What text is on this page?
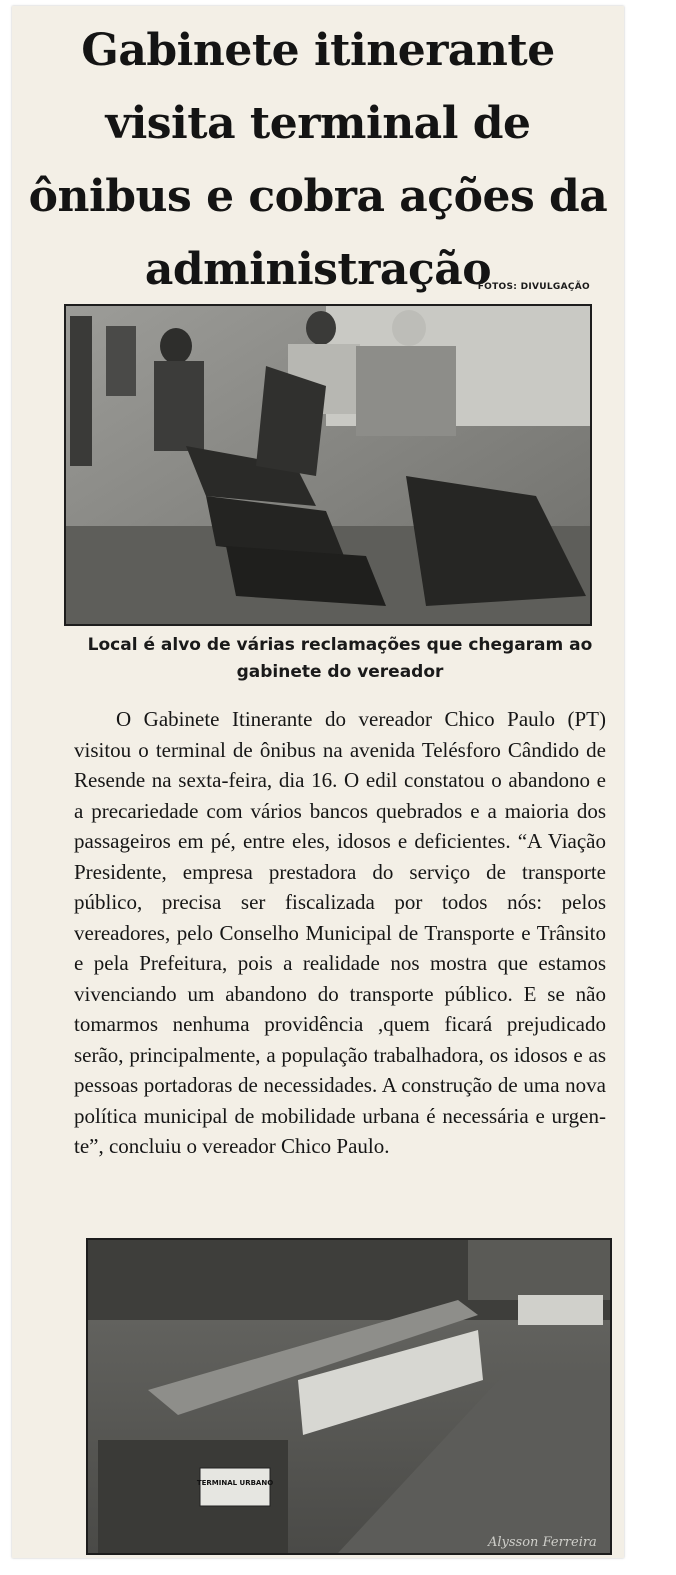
Gabinete itinerante visita terminal de ônibus e cobra ações da administração
FOTOS: DIVULGAÇÃO

Local é alvo de várias reclamações que chegaram ao gabinete do vereador

O Gabinete Itinerante do vereador Chico Paulo (PT) visitou o terminal de ônibus na avenida Telésforo Cândido de Resende na sexta-feira, dia 16. O edil constatou o abandono e a precariedade com vários bancos quebrados e a maioria dos passageiros em pé, entre eles, idosos e deficientes. “A Viação Presidente, empresa prestadora do serviço de transporte público, precisa ser fiscalizada por todos nós: pelos vereadores, pelo Conselho Municipal de Transporte e Trânsito e pela Prefeitura, pois a realidade nos mostra que estamos vivenciando um abandono do transporte público. E se não tomarmos nenhuma providência ,quem ficará prejudicado serão, principalmente, a população trabalhadora, os idosos e as pessoas portadoras de necessidades. A construção de uma nova política municipal de mobilidade urbana é necessária e urgente”, concluiu o vereador Chico Paulo.

TERMINAL URBANO
Alysson Ferreira
